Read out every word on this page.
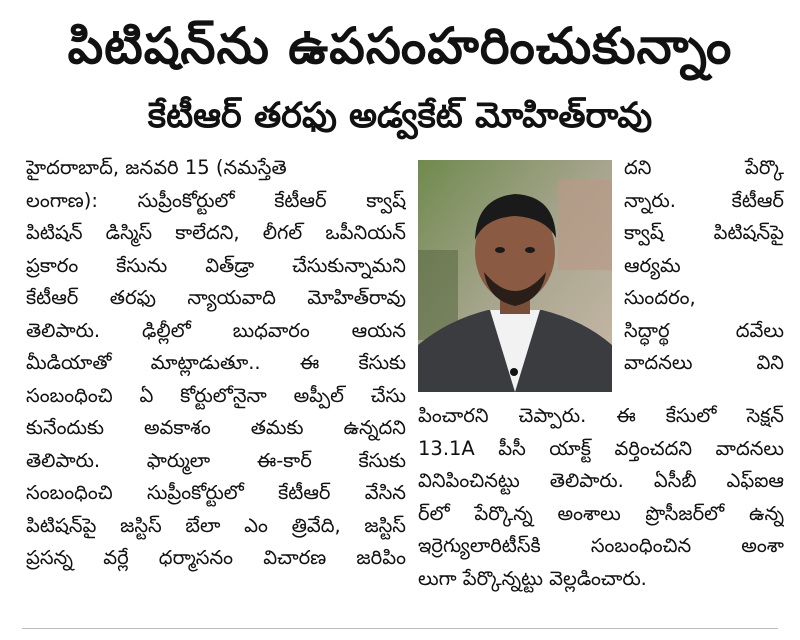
పిటిషన్‌ను ఉపసంహరించుకున్నాం
కేటీఆర్‌ తరఫు అడ్వకేట్‌ మోహిత్‌రావు
హైదరాబాద్‌, జనవరి 15 (నమస్తేతె
లంగాణ): సుప్రీంకోర్టులో కేటీఆర్‌ క్వాష్‌
పిటిషన్‌ డిస్మిస్‌ కాలేదని, లీగల్‌ ఒపీనియన్‌
ప్రకారం కేసును విత్‌డ్రా చేసుకున్నామని
కేటీఆర్‌ తరఫు న్యాయవాది మోహిత్‌రావు
తెలిపారు. ఢిల్లీలో బుధవారం ఆయన
మీడియాతో మాట్లాడుతూ.. ఈ కేసుకు
సంబంధించి ఏ కోర్టులోనైనా అప్పీల్‌ చేసు
కునేందుకు అవకాశం తమకు ఉన్నదని
తెలిపారు. ఫార్ములా ఈ-కార్‌ కేసుకు
సంబంధించి సుప్రీంకోర్టులో కేటీఆర్‌ వేసిన
పిటిషన్‌పై జస్టిస్‌ బేలా ఎం త్రివేది, జస్టిస్‌
ప్రసన్న వర్లే ధర్మాసనం విచారణ జరిపిం
దని పేర్కొ
న్నారు. కేటీఆర్‌
క్వాష్‌ పిటిషన్‌పై
ఆర్యమ
సుందరం,
సిద్ధార్థ దవేలు
వాదనలు విని
పించారని చెప్పారు. ఈ కేసులో సెక్షన్‌
13.1A పీసీ యాక్ట్‌ వర్తించదని వాదనలు
వినిపించినట్టు తెలిపారు. ఏసీబీ ఎఫ్‌ఐఆ
ర్‌లో పేర్కొన్న అంశాలు ప్రొసీజర్‌లో ఉన్న
ఇర్రెగ్యులారిటీస్‌కి సంబంధించిన అంశా
లుగా పేర్కొన్నట్టు వెల్లడించారు.
